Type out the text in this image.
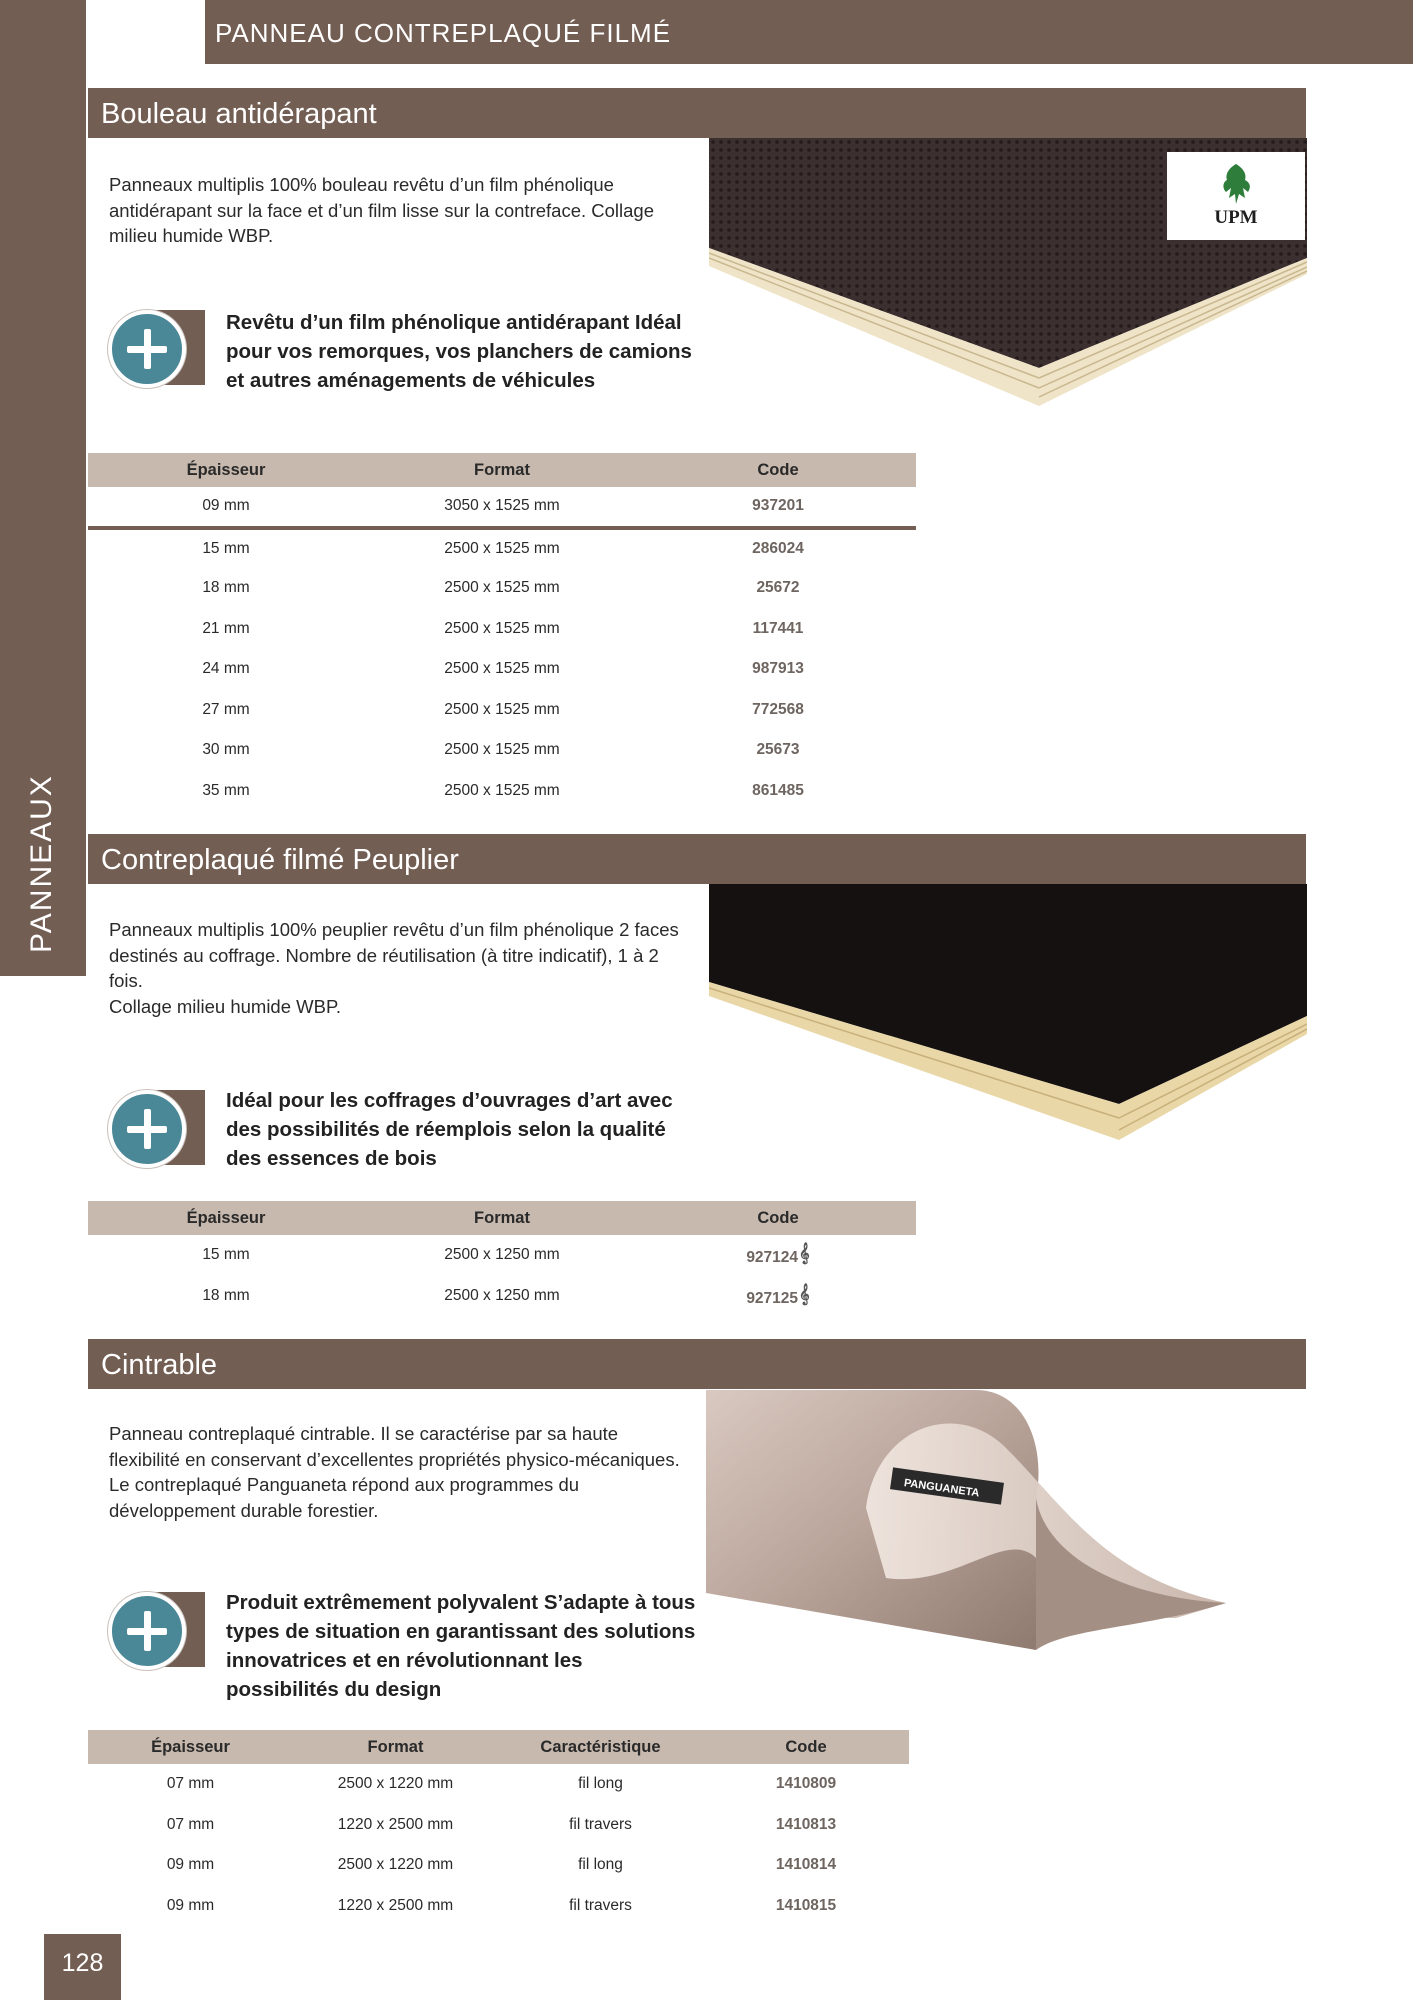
PANNEAUX
PANNEAU CONTREPLAQUÉ FILMÉ
Bouleau antidérapant
Panneaux multiplis 100% bouleau revêtu d’un film phénolique antidérapant sur la face et d’un film lisse sur la contreface. Collage milieu humide WBP.
UPM
Revêtu d’un film phénolique antidérapant Idéal pour vos remorques, vos planchers de camions et autres aménagements de véhicules
Épaisseur	Format	Code
09 mm	3050 x 1525 mm	937201
15 mm	2500 x 1525 mm	286024
18 mm	2500 x 1525 mm	25672
21 mm	2500 x 1525 mm	117441
24 mm	2500 x 1525 mm	987913
27 mm	2500 x 1525 mm	772568
30 mm	2500 x 1525 mm	25673
35 mm	2500 x 1525 mm	861485
Contreplaqué filmé Peuplier
Panneaux multiplis 100% peuplier revêtu d’un film phénolique 2 faces destinés au coffrage. Nombre de réutilisation (à titre indicatif), 1 à 2 fois.
Collage milieu humide WBP.
Idéal pour les coffrages d’ouvrages d’art avec des possibilités de réemplois selon la qualité des essences de bois
Épaisseur	Format	Code
15 mm	2500 x 1250 mm	927124𝄞
18 mm	2500 x 1250 mm	927125𝄞
Cintrable
Panneau contreplaqué cintrable. Il se caractérise par sa haute flexibilité en conservant d’excellentes propriétés physico-mécaniques. Le contreplaqué Panguaneta répond aux programmes du développement durable forestier.
PANGUANETA
Produit extrêmement polyvalent S’adapte à tous types de situation en garantissant des solutions innovatrices et en révolutionnant les possibilités du design
Épaisseur	Format	Caractéristique	Code
07 mm	2500 x 1220 mm	fil long	1410809
07 mm	1220 x 2500 mm	fil travers	1410813
09 mm	2500 x 1220 mm	fil long	1410814
09 mm	1220 x 2500 mm	fil travers	1410815
128
